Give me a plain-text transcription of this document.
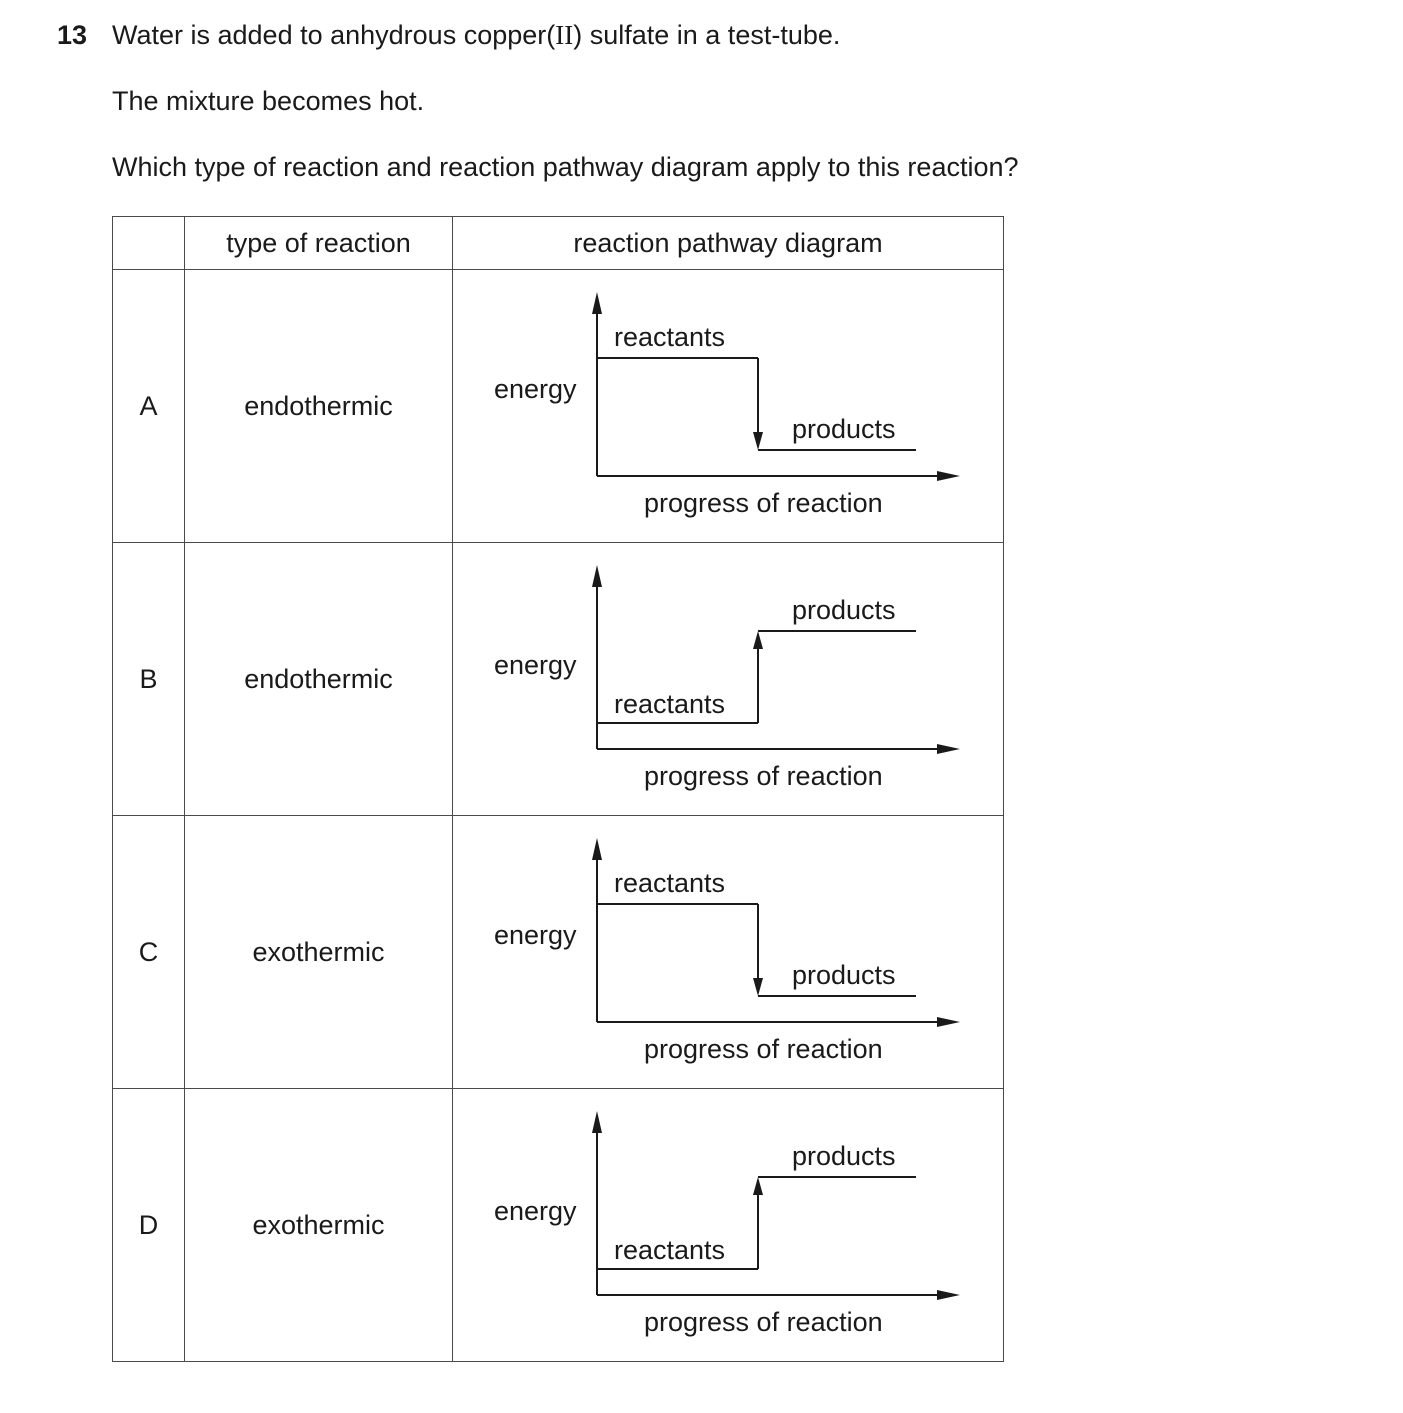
13 Water is added to anhydrous copper(II) sulfate in a test-tube.
The mixture becomes hot.
Which type of reaction and reaction pathway diagram apply to this reaction?
	type of reaction	reaction pathway diagram
A	endothermic	reactants
products
energy
progress of reaction

B	endothermic	products
reactants
energy
progress of reaction

C	exothermic	reactants
products
energy
progress of reaction

D	exothermic	products
reactants
energy
progress of reaction
